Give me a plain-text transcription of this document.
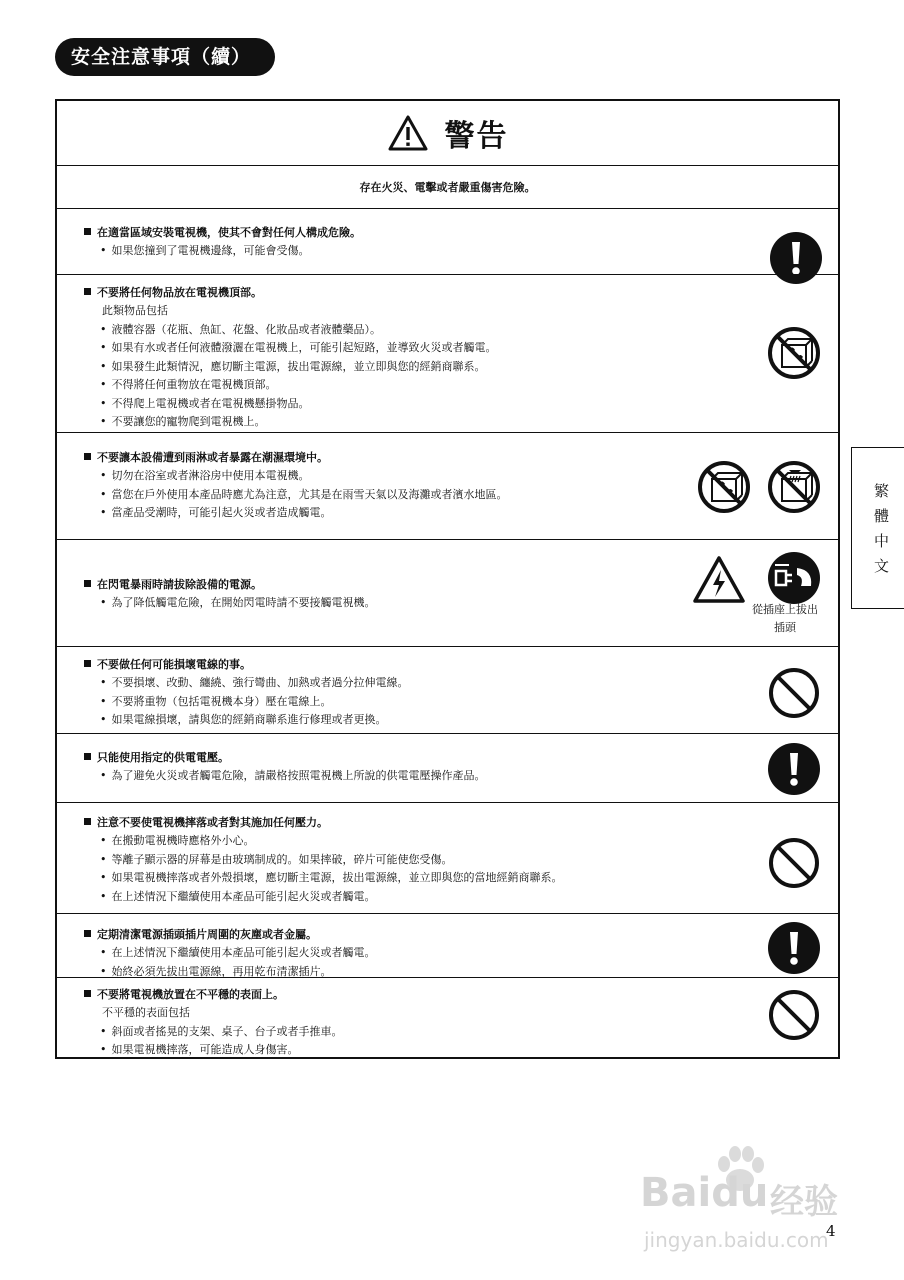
安全注意事項（續）
警告
存在火災、電擊或者嚴重傷害危險。
在適當區域安裝電視機，使其不會對任何人構成危險。
• 如果您撞到了電視機邊緣，可能會受傷。
不要將任何物品放在電視機頂部。
此類物品包括
• 液體容器（花瓶、魚缸、花盤、化妝品或者液體藥品）。
• 如果有水或者任何液體潑灑在電視機上，可能引起短路，並導致火災或者觸電。
• 如果發生此類情況，應切斷主電源，拔出電源線，並立即與您的經銷商聯系。
• 不得將任何重物放在電視機頂部。
• 不得爬上電視機或者在電視機懸掛物品。
• 不要讓您的寵物爬到電視機上。
不要讓本設備遭到雨淋或者暴露在潮濕環境中。
• 切勿在浴室或者淋浴房中使用本電視機。
• 當您在戶外使用本產品時應尤為注意，尤其是在雨雪天氣以及海灘或者濱水地區。
• 當產品受潮時，可能引起火災或者造成觸電。
在閃電暴雨時請拔除設備的電源。
• 為了降低觸電危險，在開始閃電時請不要接觸電視機。
從插座上拔出
插頭
不要做任何可能損壞電線的事。
• 不要損壞、改動、纏繞、強行彎曲、加熱或者過分拉伸電線。
• 不要將重物（包括電視機本身）壓在電線上。
• 如果電線損壞，請與您的經銷商聯系進行修理或者更換。
只能使用指定的供電電壓。
• 為了避免火災或者觸電危險，請嚴格按照電視機上所說的供電電壓操作產品。
注意不要使電視機摔落或者對其施加任何壓力。
• 在搬動電視機時應格外小心。
• 等離子顯示器的屏幕是由玻璃制成的。如果摔破，碎片可能使您受傷。
• 如果電視機摔落或者外殼損壞，應切斷主電源，拔出電源線，並立即與您的當地經銷商聯系。
• 在上述情況下繼續使用本產品可能引起火災或者觸電。
定期清潔電源插頭插片周圍的灰塵或者金屬。
• 在上述情況下繼續使用本產品可能引起火災或者觸電。
• 始終必須先拔出電源線，再用乾布清潔插片。
不要將電視機放置在不平穩的表面上。
不平穩的表面包括
• 斜面或者搖晃的支架、桌子、台子或者手推車。
• 如果電視機摔落，可能造成人身傷害。
繁
體
中
文
Baidu 经验
jingyan.baidu.com
4
